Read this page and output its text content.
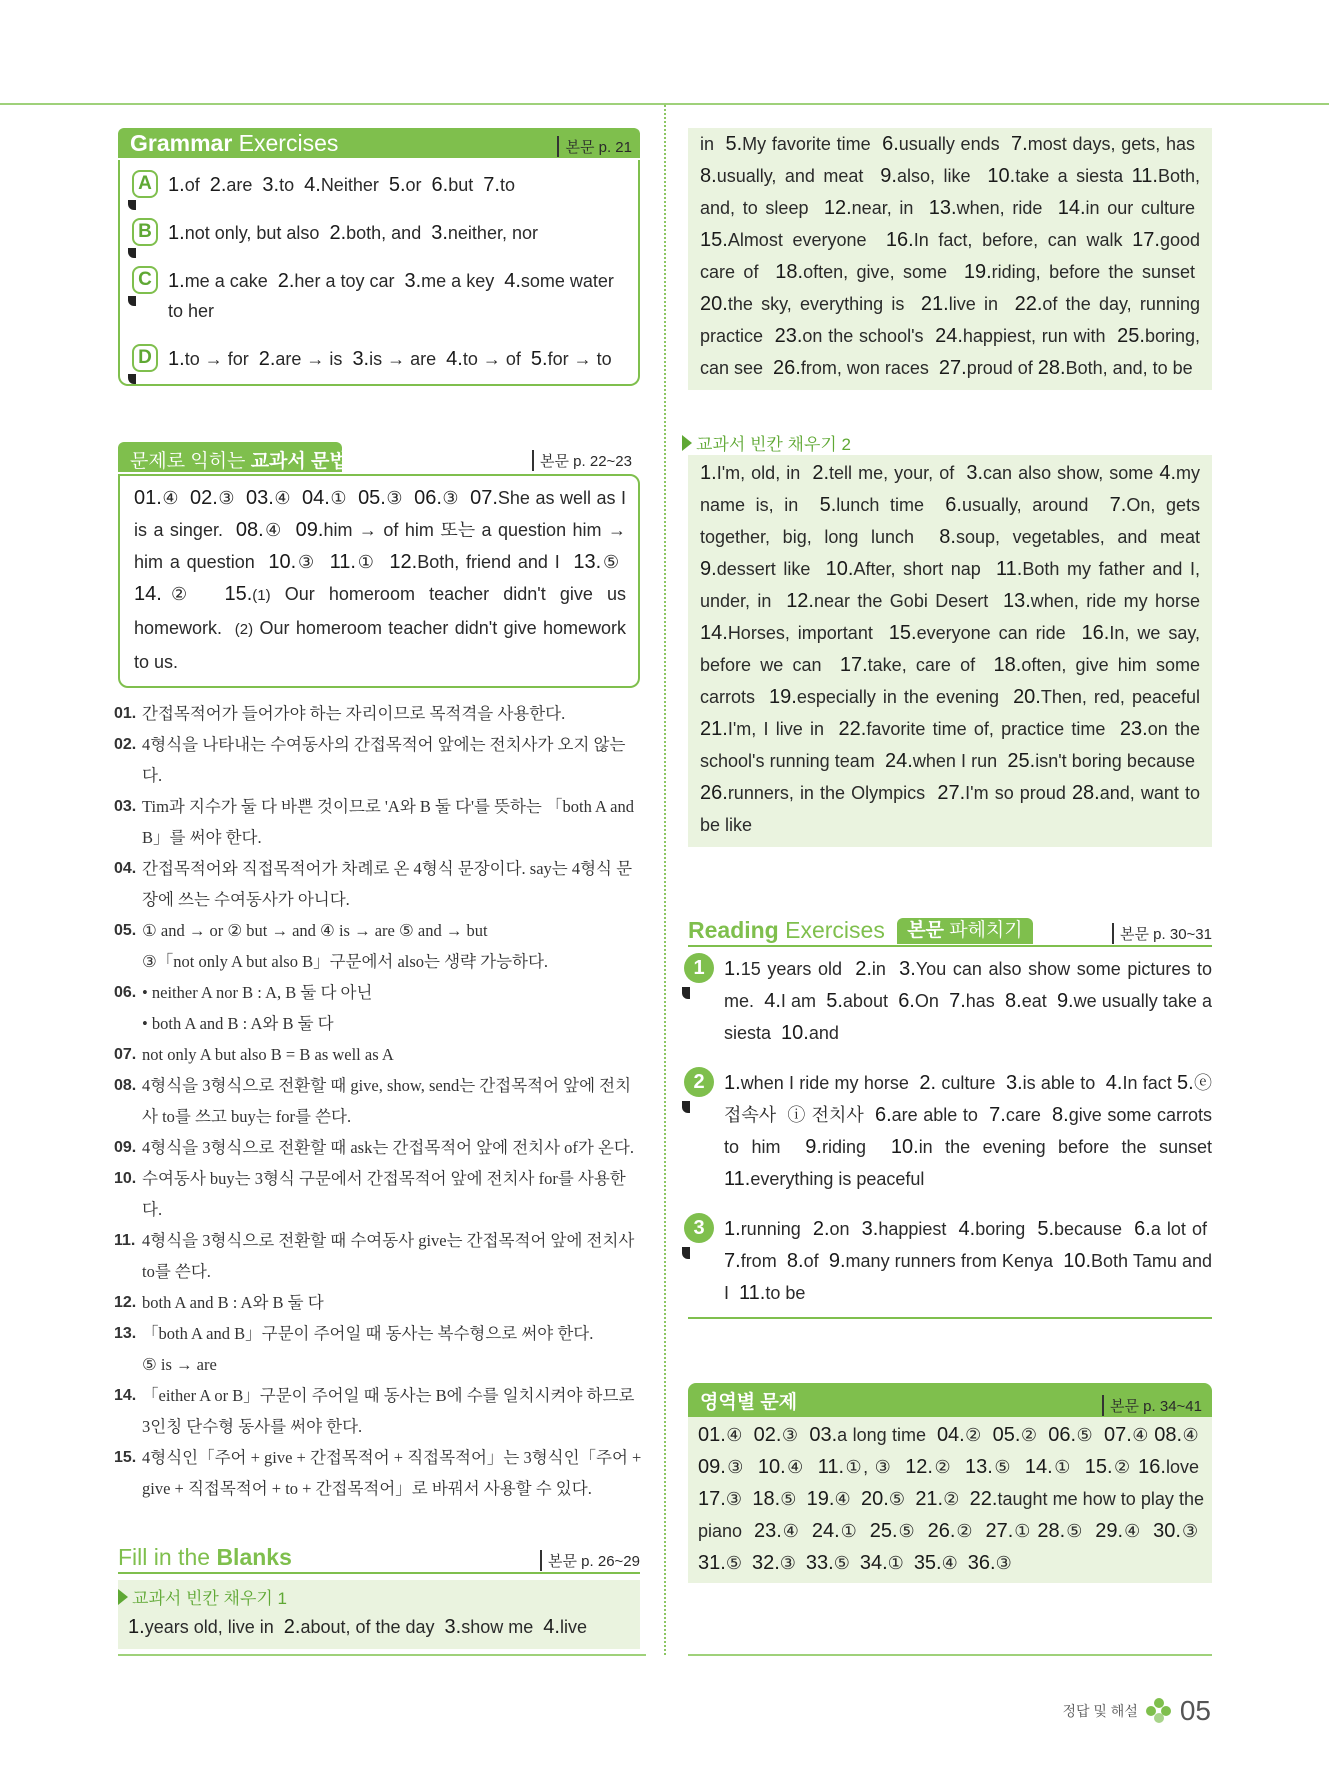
Grammar Exercises	본문 p. 21
A 1.of  2.are  3.to  4.Neither  5.or  6.but  7.to
B 1.not only, but also  2.both, and  3.neither, nor
C 1.me a cake  2.her a toy car  3.me a key  4.some water to her
D 1.to → for  2.are → is  3.is → are  4.to → of  5.for → to
문제로 익히는 교과서 문법	본문 p. 22~23
01.④  02.③  03.④  04.①  05.③  06.③  07.She as well as I is a singer.  08.④  09.him → of him 또는 a question him → him a question  10.③  11.①  12.Both, friend and I  13.⑤  14.②  15.(1) Our homeroom teacher didn't give us homework.  (2) Our homeroom teacher didn't give homework to us.
01. 간접목적어가 들어가야 하는 자리이므로 목적격을 사용한다.
02. 4형식을 나타내는 수여동사의 간접목적어 앞에는 전치사가 오지 않는다.
03. Tim과 지수가 둘 다 바쁜 것이므로 'A와 B 둘 다'를 뜻하는 「both A and B」를 써야 한다.
04. 간접목적어와 직접목적어가 차례로 온 4형식 문장이다. say는 4형식 문장에 쓰는 수여동사가 아니다.
05. ① and → or ② but → and ④ is → are ⑤ and → but
③「not only A but also B」구문에서 also는 생략 가능하다.
06. • neither A nor B : A, B 둘 다 아닌
• both A and B : A와 B 둘 다
07. not only A but also B = B as well as A
08. 4형식을 3형식으로 전환할 때 give, show, send는 간접목적어 앞에 전치사 to를 쓰고 buy는 for를 쓴다.
09. 4형식을 3형식으로 전환할 때 ask는 간접목적어 앞에 전치사 of가 온다.
10. 수여동사 buy는 3형식 구문에서 간접목적어 앞에 전치사 for를 사용한다.
11. 4형식을 3형식으로 전환할 때 수여동사 give는 간접목적어 앞에 전치사 to를 쓴다.
12. both A and B : A와 B 둘 다
13. 「both A and B」구문이 주어일 때 동사는 복수형으로 써야 한다.
⑤ is → are
14. 「either A or B」구문이 주어일 때 동사는 B에 수를 일치시켜야 하므로 3인칭 단수형 동사를 써야 한다.
15. 4형식인「주어 + give + 간접목적어 + 직접목적어」는 3형식인「주어 + give + 직접목적어 + to + 간접목적어」로 바꿔서 사용할 수 있다.
Fill in the Blanks	본문 p. 26~29
교과서 빈칸 채우기 1
1.years old, live in  2.about, of the day  3.show me  4.live
in  5.My favorite time  6.usually ends  7.most days, gets, has  8.usually, and meat  9.also, like  10.take a siesta 11.Both, and, to sleep  12.near, in  13.when, ride  14.in our culture  15.Almost everyone  16.In fact, before, can walk 17.good care of  18.often, give, some  19.riding, before the sunset  20.the sky, everything is  21.live in  22.of the day, running practice  23.on the school's  24.happiest, run with  25.boring, can see  26.from, won races  27.proud of 28.Both, and, to be
교과서 빈칸 채우기 2
1.I'm, old, in  2.tell me, your, of  3.can also show, some 4.my name is, in  5.lunch time  6.usually, around  7.On, gets together, big, long lunch  8.soup, vegetables, and meat 9.dessert like  10.After, short nap  11.Both my father and I, under, in  12.near the Gobi Desert  13.when, ride my horse 14.Horses, important  15.everyone can ride  16.In, we say, before we can  17.take, care of  18.often, give him some carrots  19.especially in the evening  20.Then, red, peaceful 21.I'm, I live in  22.favorite time of, practice time  23.on the school's running team  24.when I run  25.isn't boring because  26.runners, in the Olympics  27.I'm so proud 28.and, want to be like
Reading Exercises 본문 파헤치기	본문 p. 30~31
1 1.15 years old  2.in  3.You can also show some pictures to me.  4.I am  5.about  6.On  7.has  8.eat  9.we usually take a siesta  10.and
2 1.when I ride my horse  2. culture  3.is able to  4.In fact 5.ⓔ 접속사  ⓘ 전치사  6.are able to  7.care  8.give some carrots to him  9.riding  10.in the evening before the sunset 11.everything is peaceful
3 1.running  2.on  3.happiest  4.boring  5.because  6.a lot of  7.from  8.of  9.many runners from Kenya  10.Both Tamu and I  11.to be
영역별 문제	본문 p. 34~41
01.④  02.③  03.a long time  04.②  05.②  06.⑤  07.④ 08.④  09.③  10.④  11.①, ③  12.②  13.⑤  14.①  15.② 16.love  17.③  18.⑤  19.④  20.⑤  21.②  22.taught me how to play the piano  23.④  24.①  25.⑤  26.②  27.① 28.⑤  29.④  30.③  31.⑤  32.③  33.⑤  34.①  35.④  36.③
정답 및 해설 05
